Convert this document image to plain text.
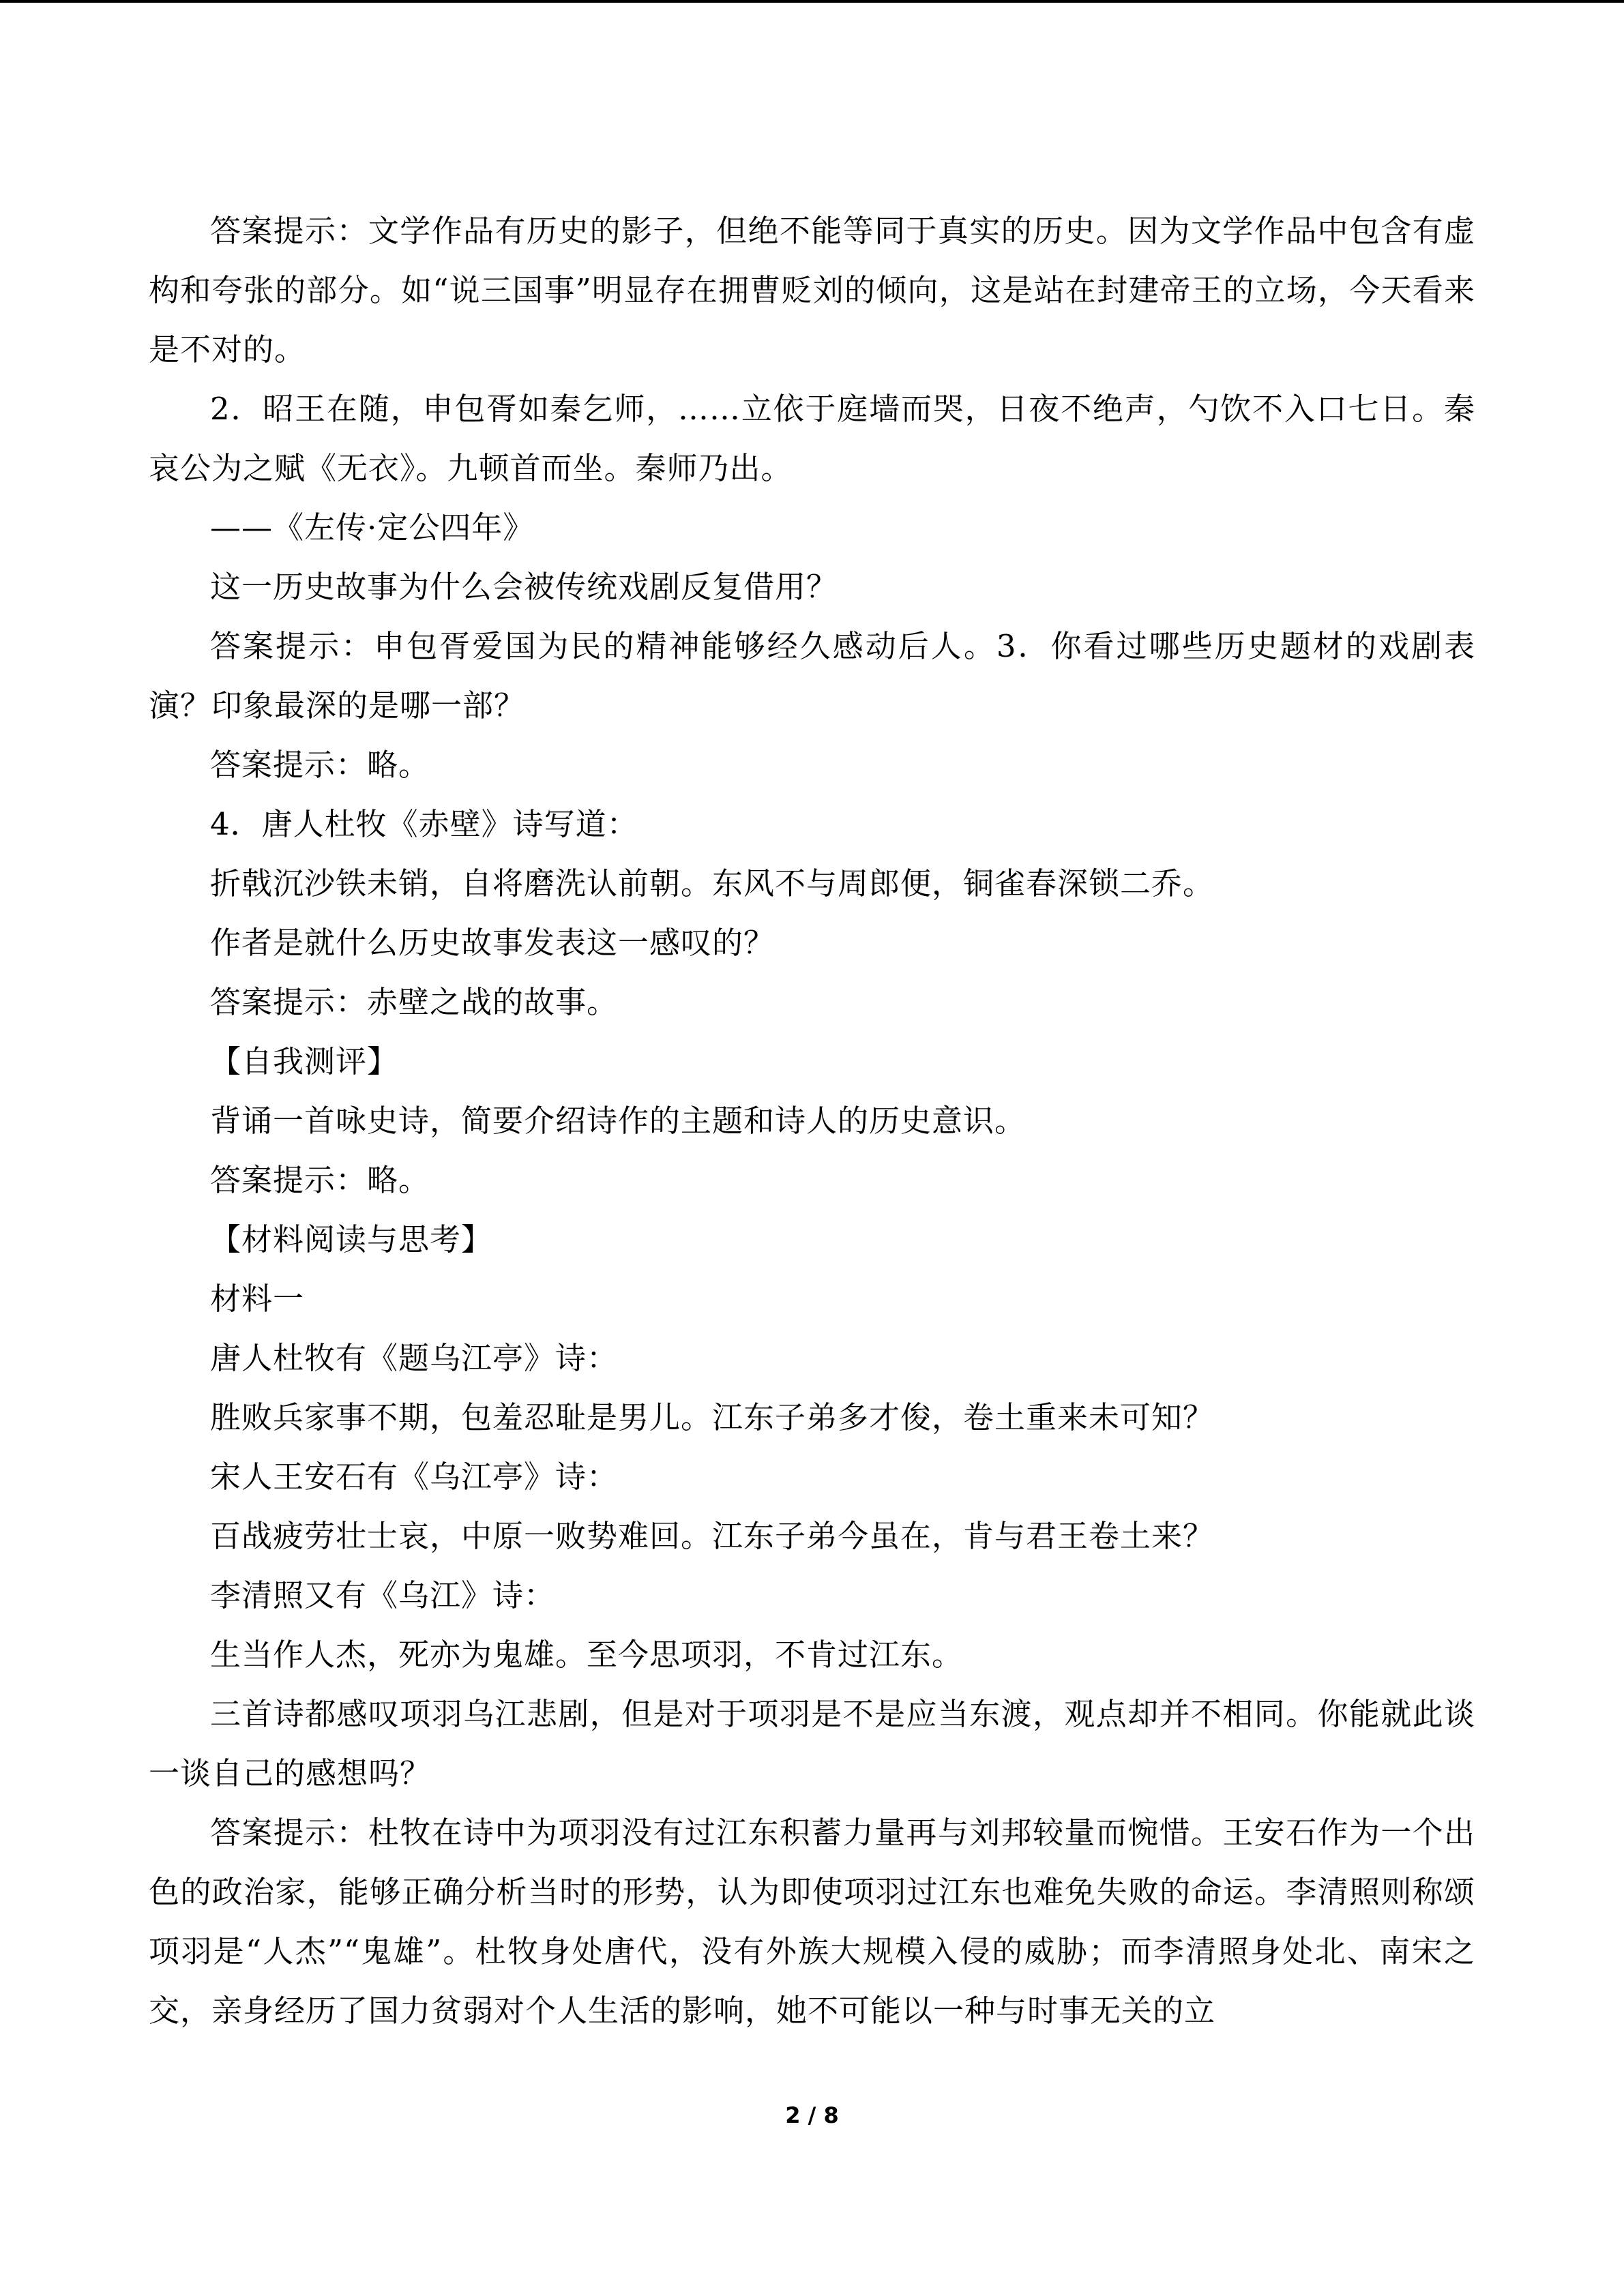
答案提示：文学作品有历史的影子，但绝不能等同于真实的历史。因为文学作品中包含有虚构和夸张的部分。如“说三国事”明显存在拥曹贬刘的倾向，这是站在封建帝王的立场，今天看来是不对的。

2．昭王在随，申包胥如秦乞师，……立依于庭墙而哭，日夜不绝声，勺饮不入口七日。秦哀公为之赋《无衣》。九顿首而坐。秦师乃出。

——《左传·定公四年》

这一历史故事为什么会被传统戏剧反复借用？

答案提示：申包胥爱国为民的精神能够经久感动后人。3．你看过哪些历史题材的戏剧表演？印象最深的是哪一部？

答案提示：略。

4．唐人杜牧《赤壁》诗写道：

折戟沉沙铁未销，自将磨洗认前朝。东风不与周郎便，铜雀春深锁二乔。

作者是就什么历史故事发表这一感叹的？

答案提示：赤壁之战的故事。

【自我测评】

背诵一首咏史诗，简要介绍诗作的主题和诗人的历史意识。

答案提示：略。

【材料阅读与思考】

材料一

唐人杜牧有《题乌江亭》诗：

胜败兵家事不期，包羞忍耻是男儿。江东子弟多才俊，卷土重来未可知？

宋人王安石有《乌江亭》诗：

百战疲劳壮士哀，中原一败势难回。江东子弟今虽在，肯与君王卷土来？

李清照又有《乌江》诗：

生当作人杰，死亦为鬼雄。至今思项羽，不肯过江东。

三首诗都感叹项羽乌江悲剧，但是对于项羽是不是应当东渡，观点却并不相同。你能就此谈一谈自己的感想吗？

答案提示：杜牧在诗中为项羽没有过江东积蓄力量再与刘邦较量而惋惜。王安石作为一个出色的政治家，能够正确分析当时的形势，认为即使项羽过江东也难免失败的命运。李清照则称颂项羽是“人杰”“鬼雄”。杜牧身处唐代，没有外族大规模入侵的威胁；而李清照身处北、南宋之交，亲身经历了国力贫弱对个人生活的影响，她不可能以一种与时事无关的立

2 / 8
